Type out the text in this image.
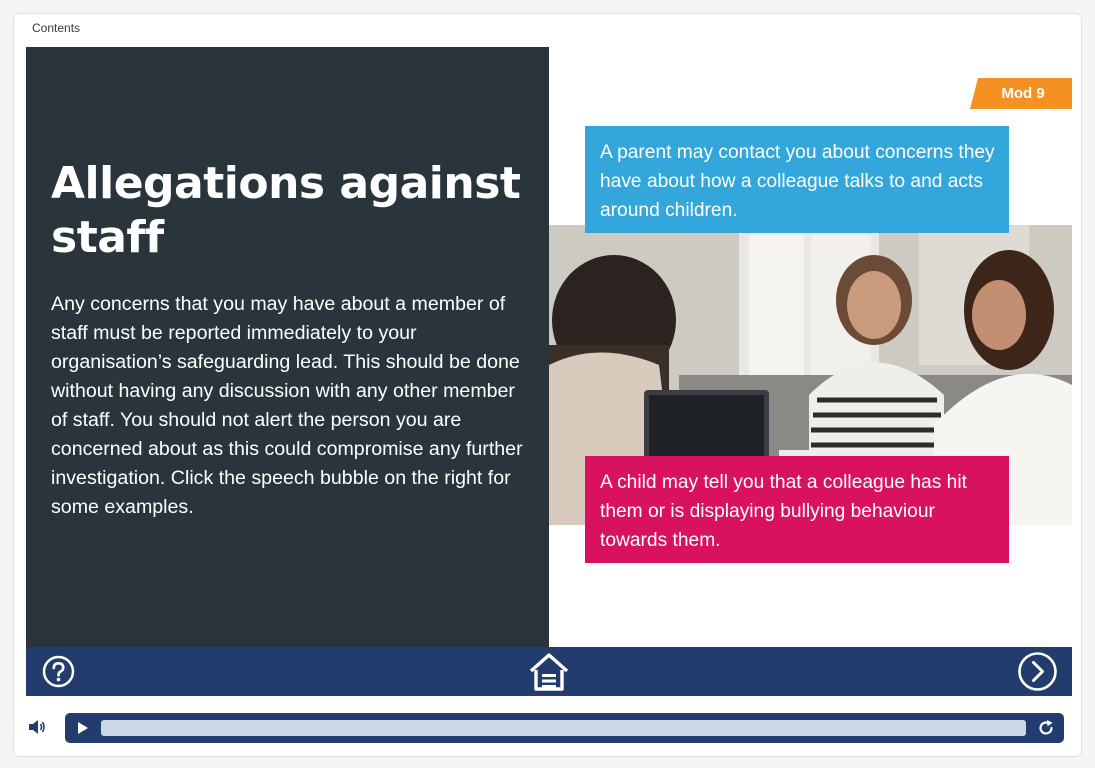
Contents
Allegations against staff

Any concerns that you may have about a member of staff must be reported immediately to your organisation’s safeguarding lead. This should be done without having any discussion with any other member of staff. You should not alert the person you are concerned about as this could compromise any further investigation. Click the speech bubble on the right for some examples.

Mod 9
A parent may contact you about concerns they have about how a colleague talks to and acts around children.
A child may tell you that a colleague has hit them or is displaying bullying behaviour towards them.
